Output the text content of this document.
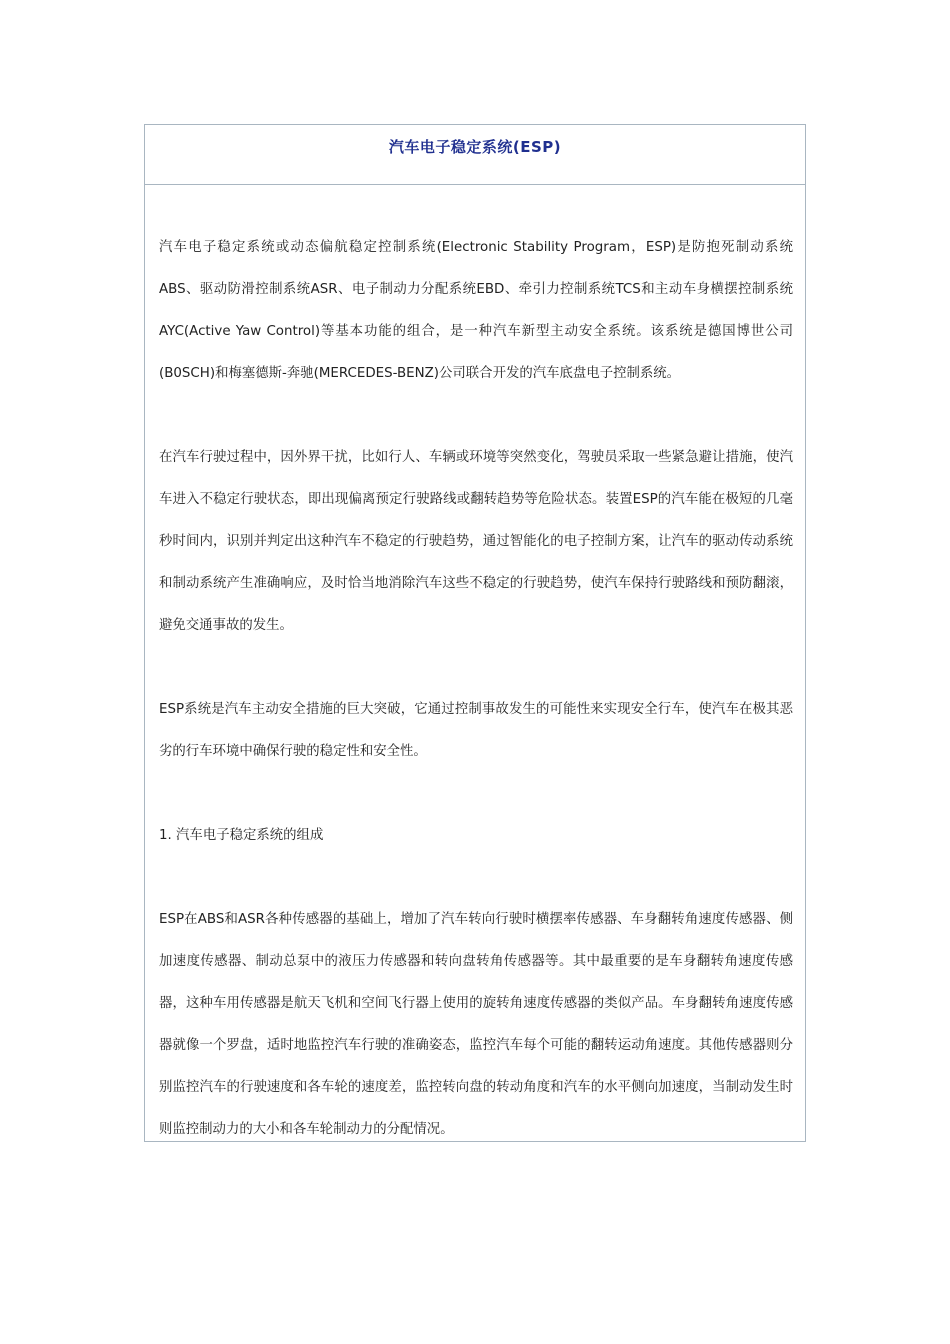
汽车电子稳定系统(ESP)

汽车电子稳定系统或动态偏航稳定控制系统(Electronic Stability Program，ESP)是防抱死制动系统ABS、驱动防滑控制系统ASR、电子制动力分配系统EBD、牵引力控制系统TCS和主动车身横摆控制系统AYC(Active Yaw Control)等基本功能的组合，是一种汽车新型主动安全系统。该系统是德国博世公司(B0SCH)和梅塞德斯-奔驰(MERCEDES-BENZ)公司联合开发的汽车底盘电子控制系统。

在汽车行驶过程中，因外界干扰，比如行人、车辆或环境等突然变化，驾驶员采取一些紧急避让措施，使汽车进入不稳定行驶状态，即出现偏离预定行驶路线或翻转趋势等危险状态。装置ESP的汽车能在极短的几毫秒时间内，识别并判定出这种汽车不稳定的行驶趋势，通过智能化的电子控制方案，让汽车的驱动传动系统和制动系统产生准确响应，及时恰当地消除汽车这些不稳定的行驶趋势，使汽车保持行驶路线和预防翻滚，避免交通事故的发生。

ESP系统是汽车主动安全措施的巨大突破，它通过控制事故发生的可能性来实现安全行车，使汽车在极其恶劣的行车环境中确保行驶的稳定性和安全性。

1. 汽车电子稳定系统的组成

ESP在ABS和ASR各种传感器的基础上，增加了汽车转向行驶时横摆率传感器、车身翻转角速度传感器、侧加速度传感器、制动总泵中的液压力传感器和转向盘转角传感器等。其中最重要的是车身翻转角速度传感器，这种车用传感器是航天飞机和空间飞行器上使用的旋转角速度传感器的类似产品。车身翻转角速度传感器就像一个罗盘，适时地监控汽车行驶的准确姿态，监控汽车每个可能的翻转运动角速度。其他传感器则分别监控汽车的行驶速度和各车轮的速度差，监控转向盘的转动角度和汽车的水平侧向加速度，当制动发生时则监控制动力的大小和各车轮制动力的分配情况。
